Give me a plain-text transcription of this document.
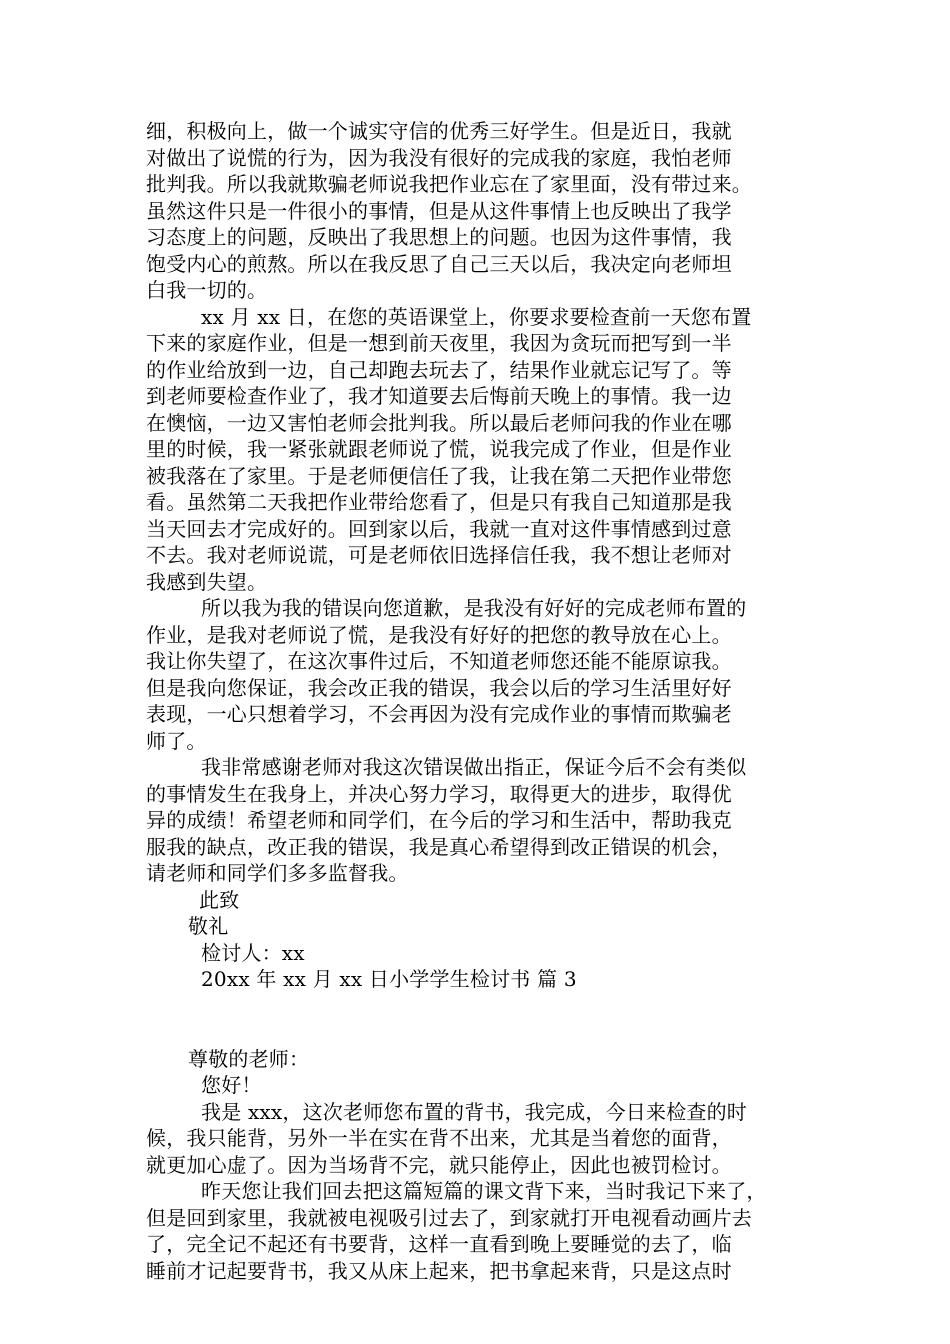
细，积极向上，做一个诚实守信的优秀三好学生。但是近日，我就
对做出了说慌的行为，因为我没有很好的完成我的家庭，我怕老师
批判我。所以我就欺骗老师说我把作业忘在了家里面，没有带过来。
虽然这件只是一件很小的事情，但是从这件事情上也反映出了我学
习态度上的问题，反映出了我思想上的问题。也因为这件事情，我
饱受内心的煎熬。所以在我反思了自己三天以后，我决定向老师坦
白我一切的。
xx 月 xx 日，在您的英语课堂上，你要求要检查前一天您布置
下来的家庭作业，但是一想到前天夜里，我因为贪玩而把写到一半
的作业给放到一边，自己却跑去玩去了，结果作业就忘记写了。等
到老师要检查作业了，我才知道要去后悔前天晚上的事情。我一边
在懊恼，一边又害怕老师会批判我。所以最后老师问我的作业在哪
里的时候，我一紧张就跟老师说了慌，说我完成了作业，但是作业
被我落在了家里。于是老师便信任了我，让我在第二天把作业带您
看。虽然第二天我把作业带给您看了，但是只有我自己知道那是我
当天回去才完成好的。回到家以后，我就一直对这件事情感到过意
不去。我对老师说谎，可是老师依旧选择信任我，我不想让老师对
我感到失望。
所以我为我的错误向您道歉，是我没有好好的完成老师布置的
作业，是我对老师说了慌，是我没有好好的把您的教导放在心上。
我让你失望了，在这次事件过后，不知道老师您还能不能原谅我。
但是我向您保证，我会改正我的错误，我会以后的学习生活里好好
表现，一心只想着学习，不会再因为没有完成作业的事情而欺骗老
师了。
我非常感谢老师对我这次错误做出指正，保证今后不会有类似
的事情发生在我身上，并决心努力学习，取得更大的进步，取得优
异的成绩！希望老师和同学们，在今后的学习和生活中，帮助我克
服我的缺点，改正我的错误，我是真心希望得到改正错误的机会，
请老师和同学们多多监督我。
此致
敬礼
检讨人：xx
20xx 年 xx 月 xx 日小学学生检讨书 篇 3
尊敬的老师：
您好！
我是 xxx，这次老师您布置的背书，我完成，今日来检查的时
候，我只能背，另外一半在实在背不出来，尤其是当着您的面背，
就更加心虚了。因为当场背不完，就只能停止，因此也被罚检讨。
昨天您让我们回去把这篇短篇的课文背下来，当时我记下来了，
但是回到家里，我就被电视吸引过去了，到家就打开电视看动画片去
了，完全记不起还有书要背，这样一直看到晚上要睡觉的去了，临
睡前才记起要背书，我又从床上起来，把书拿起来背，只是这点时
